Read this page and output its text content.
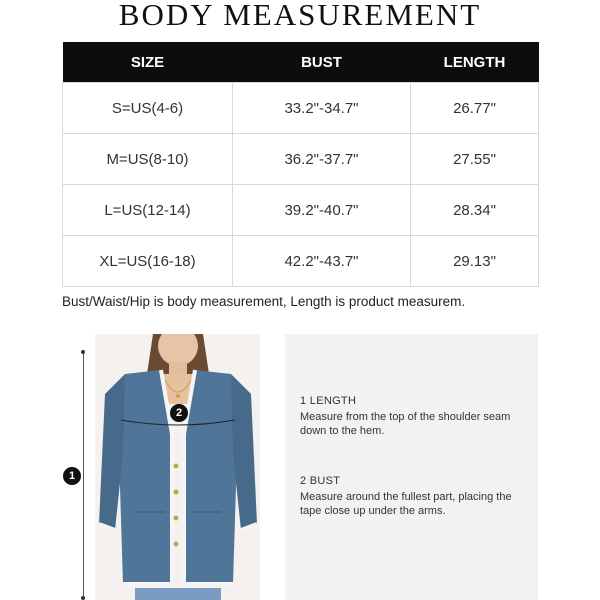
BODY MEASUREMENT
SIZE	BUST	LENGTH
S=US(4-6)	33.2"-34.7"	26.77"
M=US(8-10)	36.2"-37.7"	27.55"
L=US(12-14)	39.2"-40.7"	28.34"
XL=US(16-18)	42.2"-43.7"	29.13"
Bust/Waist/Hip is body measurement, Length is product measurem.
1
2
1 LENGTH
Measure from the top of the shoulder seam down to the hem.
2 BUST
Measure around the fullest part, placing the tape close up under the arms.
